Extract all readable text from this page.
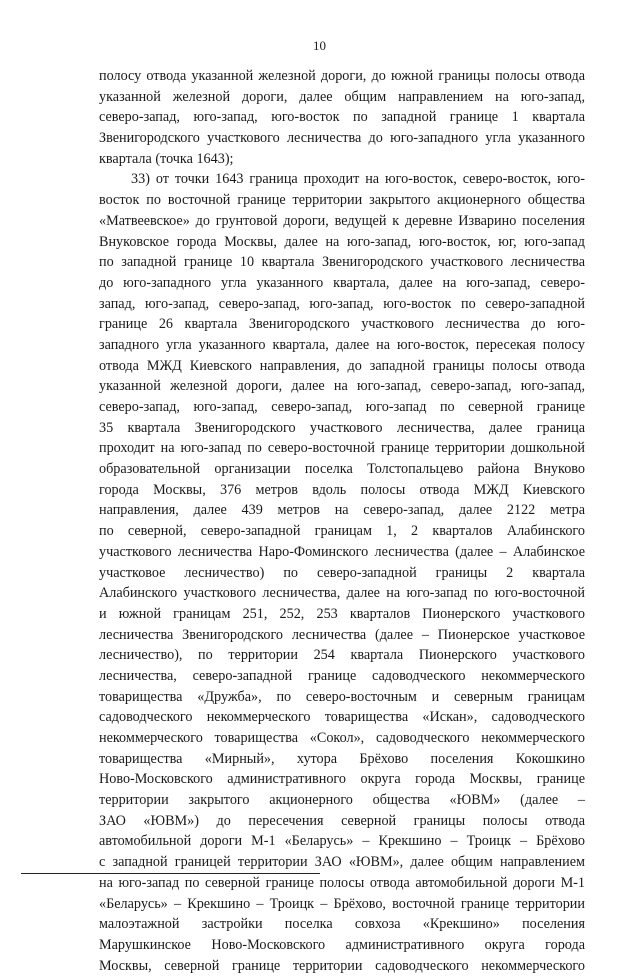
10
полосу отвода указанной железной дороги, до южной границы полосы отвода
указанной железной дороги, далее общим направлением на юго-запад,
северо-запад, юго-запад, юго-восток по западной границе 1 квартала
Звенигородского участкового лесничества до юго-западного угла указанного
квартала (точка 1643);
33) от точки 1643 граница проходит на юго-восток, северо-восток, юго-
восток по восточной границе территории закрытого акционерного общества
«Матвеевское» до грунтовой дороги, ведущей к деревне Изварино поселения
Внуковское города Москвы, далее на юго-запад, юго-восток, юг, юго-запад
по западной границе 10 квартала Звенигородского участкового лесничества
до юго-западного угла указанного квартала, далее на юго-запад, северо-
запад, юго-запад, северо-запад, юго-запад, юго-восток по северо-западной
границе 26 квартала Звенигородского участкового лесничества до юго-
западного угла указанного квартала, далее на юго-восток, пересекая полосу
отвода МЖД Киевского направления, до западной границы полосы отвода
указанной железной дороги, далее на юго-запад, северо-запад, юго-запад,
северо-запад, юго-запад, северо-запад, юго-запад по северной границе
35 квартала Звенигородского участкового лесничества, далее граница
проходит на юго-запад по северо-восточной границе территории дошкольной
образовательной организации поселка Толстопальцево района Внуково
города Москвы, 376 метров вдоль полосы отвода МЖД Киевского
направления, далее 439 метров на северо-запад, далее 2122 метра
по северной, северо-западной границам 1, 2 кварталов Алабинского
участкового лесничества Наро-Фоминского лесничества (далее – Алабинское
участковое лесничество) по северо-западной границы 2 квартала
Алабинского участкового лесничества, далее на юго-запад по юго-восточной
и южной границам 251, 252, 253 кварталов Пионерского участкового
лесничества Звенигородского лесничества (далее – Пионерское участковое
лесничество), по территории 254 квартала Пионерского участкового
лесничества, северо-западной границе садоводческого некоммерческого
товарищества «Дружба», по северо-восточным и северным границам
садоводческого некоммерческого товарищества «Искан», садоводческого
некоммерческого товарищества «Сокол», садоводческого некоммерческого
товарищества «Мирный», хутора Брёхово поселения Кокошкино
Ново-Московского административного округа города Москвы, границе
территории закрытого акционерного общества «ЮВМ» (далее –
ЗАО «ЮВМ») до пересечения северной границы полосы отвода
автомобильной дороги М-1 «Беларусь» – Крекшино – Троицк – Брёхово
с западной границей территории ЗАО «ЮВМ», далее общим направлением
на юго-запад по северной границе полосы отвода автомобильной дороги М-1
«Беларусь» – Крекшино – Троицк – Брёхово, восточной границе территории
малоэтажной застройки поселка совхоза «Крекшино» поселения
Марушкинское Ново-Московского административного округа города
Москвы, северной границе территории садоводческого некоммерческого
